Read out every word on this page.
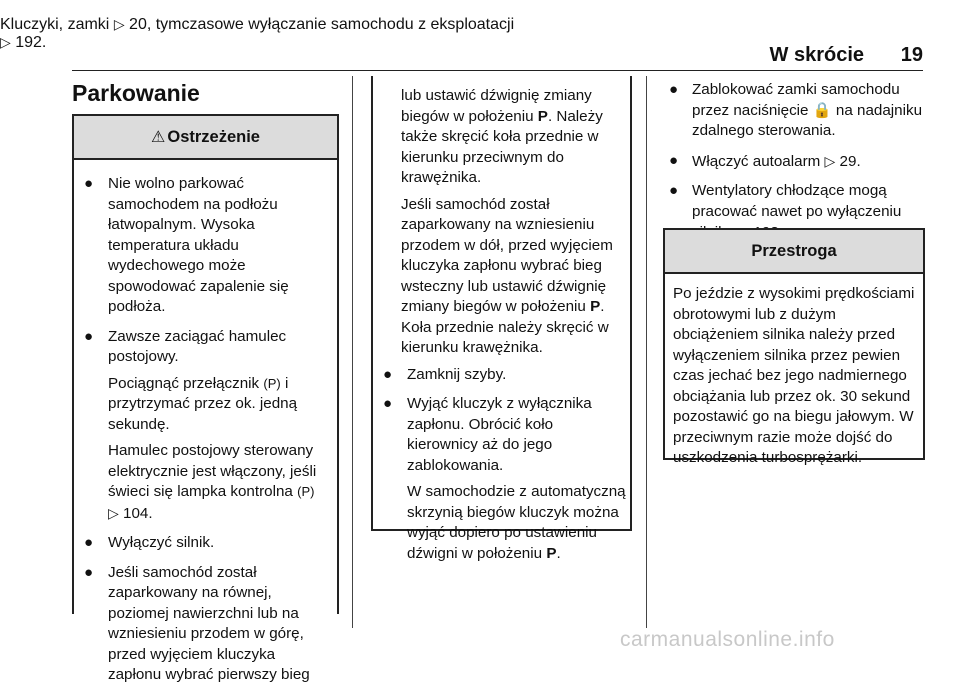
W skrócie 19
Parkowanie
⚠ Ostrzeżenie
● Nie wolno parkować samochodem na podłożu łatwopalnym. Wysoka temperatura układu wydechowego może spowodować zapalenie się podłoża.

● Zawsze zaciągać hamulec postojowy.

Pociągnąć przełącznik (P) i przytrzymać przez ok. jedną sekundę.

Hamulec postojowy sterowany elektrycznie jest włączony, jeśli świeci się lampka kontrolna (P)
▷ 104.

● Wyłączyć silnik.

● Jeśli samochód został zaparkowany na równej, poziomej nawierzchni lub na wzniesieniu przodem w górę, przed wyjęciem kluczyka zapłonu wybrać pierwszy bieg

lub ustawić dźwignię zmiany biegów w położeniu P. Należy także skręcić koła przednie w kierunku przeciwnym do krawężnika.

Jeśli samochód został zaparkowany na wzniesieniu przodem w dół, przed wyjęciem kluczyka zapłonu wybrać bieg wsteczny lub ustawić dźwignię zmiany biegów w położeniu P. Koła przednie należy skręcić w kierunku krawężnika.

● Zamknij szyby.

● Wyjąć kluczyk z wyłącznika zapłonu. Obrócić koło kierownicy aż do jego zablokowania.

W samochodzie z automatyczną skrzynią biegów kluczyk można wyjąć dopiero po ustawieniu dźwigni w położeniu P.

● Zablokować zamki samochodu przez naciśnięcie 🔒 na nadajniku zdalnego sterowania.

● Włączyć autoalarm ▷ 29.

● Wentylatory chłodzące mogą pracować nawet po wyłączeniu

Przestroga
Po jeździe z wysokimi prędkościami obrotowymi lub z dużym obciążeniem silnika należy przed wyłączeniem silnika przez pewien czas jechać bez jego nadmiernego obciążania lub przez ok. 30 sekund pozostawić go na biegu jałowym. W przeciwnym razie może dojść do uszkodzenia turbosprężarki.

Kluczyki, zamki ▷ 20, tymczasowe wyłączanie samochodu z eksploatacji
▷ 192.

carmanualsonline.info
